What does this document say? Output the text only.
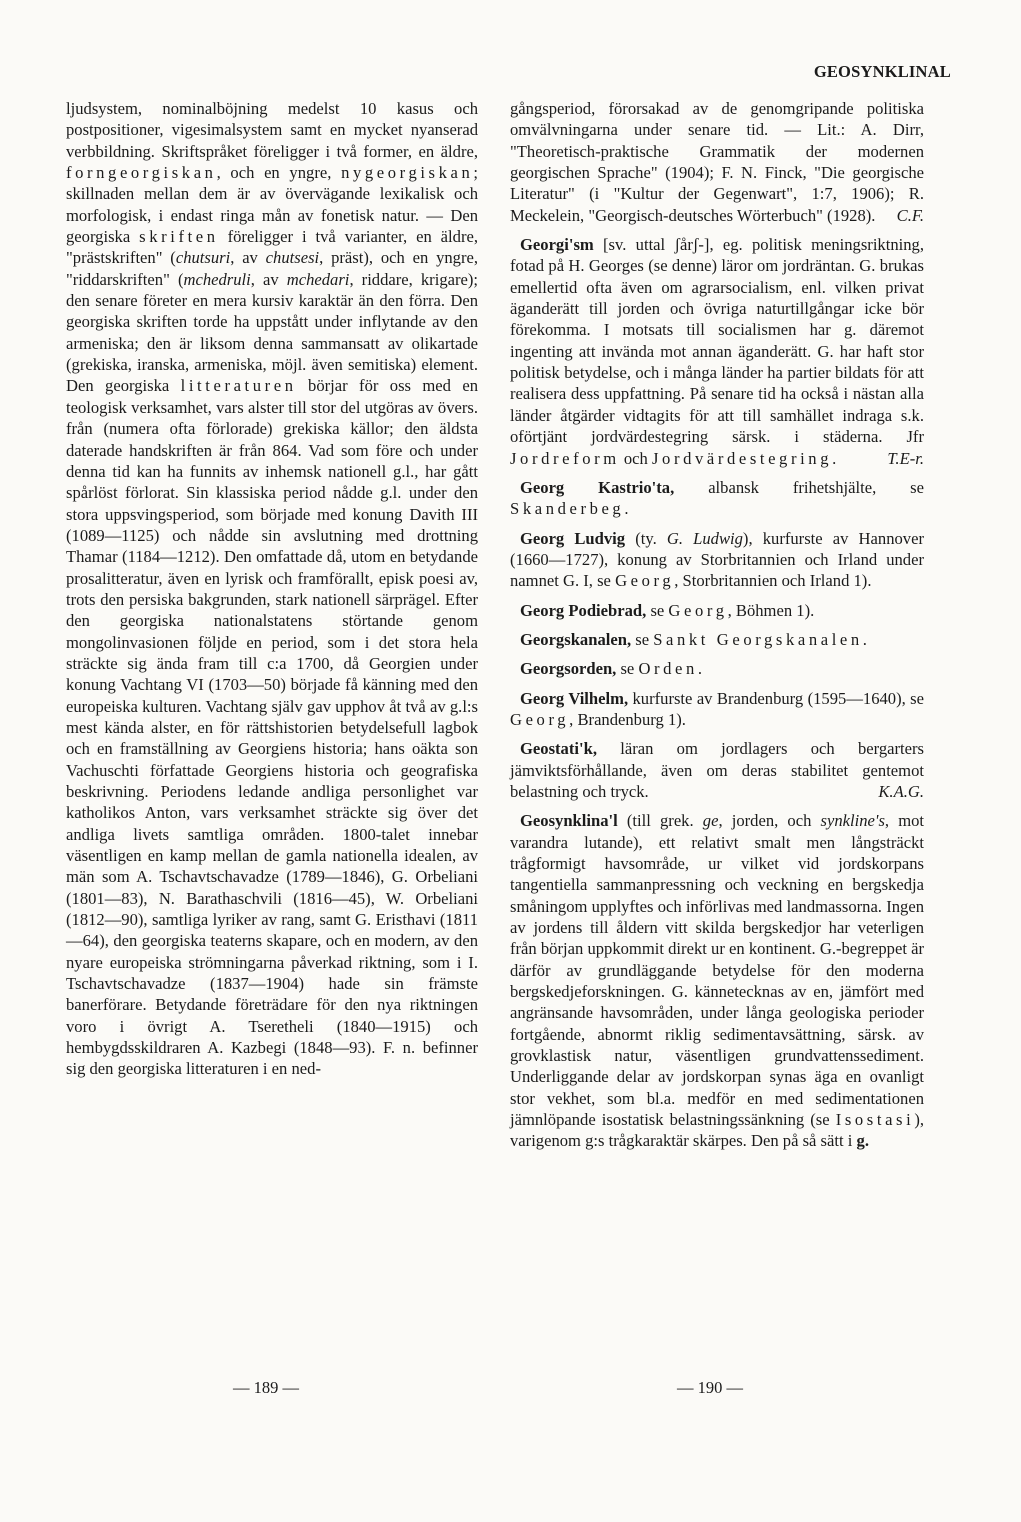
GEOSYNKLINAL

ljudsystem, nominalböjning medelst 10 kasus och postpositioner, vigesimalsystem samt en mycket nyanserad verbbildning. Skriftspråket föreligger i två former, en äldre, forngeorgiskan, och en yngre, nygeorgiskan; skillnaden mellan dem är av övervägande lexikalisk och morfologisk, i endast ringa mån av fonetisk natur. — Den georgiska skriften föreligger i två varianter, en äldre, "prästskriften" (chutsuri, av chutsesi, präst), och en yngre, "riddarskriften" (mchedruli, av mchedari, riddare, krigare); den senare företer en mera kursiv karaktär än den förra. Den georgiska skriften torde ha uppstått under inflytande av den armeniska; den är liksom denna sammansatt av olikartade (grekiska, iranska, armeniska, möjl. även semitiska) element. Den georgiska litteraturen börjar för oss med en teologisk verksamhet, vars alster till stor del utgöras av övers. från (numera ofta förlorade) grekiska källor; den äldsta daterade handskriften är från 864. Vad som före och under denna tid kan ha funnits av inhemsk nationell g.l., har gått spårlöst förlorat. Sin klassiska period nådde g.l. under den stora uppsvingsperiod, som började med konung Davith III (1089—1125) och nådde sin avslutning med drottning Thamar (1184—1212). Den omfattade då, utom en betydande prosalitteratur, även en lyrisk och framförallt, episk poesi av, trots den persiska bakgrunden, stark nationell särprägel. Efter den georgiska nationalstatens störtande genom mongolinvasionen följde en period, som i det stora hela sträckte sig ända fram till c:a 1700, då Georgien under konung Vachtang VI (1703—50) började få känning med den europeiska kulturen. Vachtang själv gav upphov åt två av g.l:s mest kända alster, en för rättshistorien betydelsefull lagbok och en framställning av Georgiens historia; hans oäkta son Vachuschti författade Georgiens historia och geografiska beskrivning. Periodens ledande andliga personlighet var katholikos Anton, vars verksamhet sträckte sig över det andliga livets samtliga områden. 1800-talet innebar väsentligen en kamp mellan de gamla nationella idealen, av män som A. Tschavtschavadze (1789—1846), G. Orbeliani (1801—83), N. Barathaschvili (1816—45), W. Orbeliani (1812—90), samtliga lyriker av rang, samt G. Eristhavi (1811—64), den georgiska teaterns skapare, och en modern, av den nyare europeiska strömningarna påverkad riktning, som i I. Tschavtschavadze (1837—1904) hade sin främste banerförare. Betydande företrädare för den nya riktningen voro i övrigt A. Tseretheli (1840—1915) och hembygdsskildraren A. Kazbegi (1848—93). F. n. befinner sig den georgiska litteraturen i en ned-

gångsperiod, förorsakad av de genomgripande politiska omvälvningarna under senare tid. — Lit.: A. Dirr, "Theoretisch-praktische Grammatik der modernen georgischen Sprache" (1904); F. N. Finck, "Die georgische Literatur" (i "Kultur der Gegenwart", 1:7, 1906); R. Meckelein, "Georgisch-deutsches Wörterbuch" (1928). C.F.

Georgi'sm [sv. uttal ʃårʃ-], eg. politisk meningsriktning, fotad på H. Georges (se denne) läror om jordräntan. G. brukas emellertid ofta även om agrarsocialism, enl. vilken privat äganderätt till jorden och övriga naturtillgångar icke bör förekomma. I motsats till socialismen har g. däremot ingenting att invända mot annan äganderätt. G. har haft stor politisk betydelse, och i många länder ha partier bildats för att realisera dess uppfattning. På senare tid ha också i nästan alla länder åtgärder vidtagits för att till samhället indraga s.k. oförtjänt jordvärdestegring särsk. i städerna. Jfr Jordreform och Jordvärdestegring.	T.E-r.

Georg Kastrio'ta, albansk frihetshjälte, se Skanderbeg.

Georg Ludvig (ty. G. Ludwig), kurfurste av Hannover (1660—1727), konung av Storbritannien och Irland under namnet G. I, se Georg, Storbritannien och Irland 1).

Georg Podiebrad, se Georg, Böhmen 1).

Georgskanalen, se Sankt Georgskanalen.

Georgsorden, se Orden.

Georg Vilhelm, kurfurste av Brandenburg (1595—1640), se Georg, Brandenburg 1).

Geostati'k, läran om jordlagers och bergarters jämviktsförhållande, även om deras stabilitet gentemot belastning och tryck.	K.A.G.

Geosynklina'l (till grek. ge, jorden, och synkline's, mot varandra lutande), ett relativt smalt men långsträckt trågformigt havsområde, ur vilket vid jordskorpans tangentiella sammanpressning och veckning en bergskedja småningom upplyftes och införlivas med landmassorna. Ingen av jordens till åldern vitt skilda bergskedjor har veterligen från början uppkommit direkt ur en kontinent. G.-begreppet är därför av grundläggande betydelse för den moderna bergskedjeforskningen. G. kännetecknas av en, jämfört med angränsande havsområden, under långa geologiska perioder fortgående, abnormt riklig sedimentavsättning, särsk. av grovklastisk natur, väsentligen grundvattenssediment. Underliggande delar av jordskorpan synas äga en ovanligt stor vekhet, som bl.a. medför en med sedimentationen jämnlöpande isostatisk belastningssänkning (se Isostasi), varigenom g:s trågkaraktär skärpes. Den på så sätt i g.

— 189 —	— 190 —
